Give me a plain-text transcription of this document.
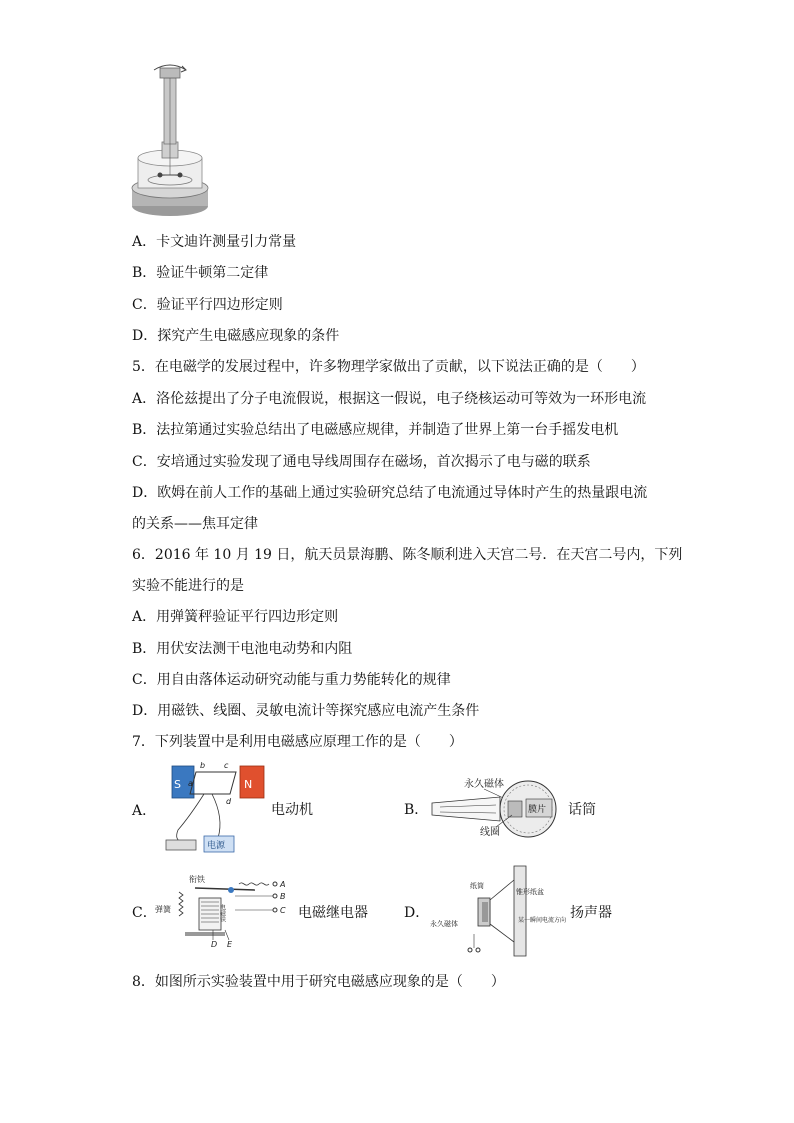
A．卡文迪许测量引力常量
B．验证牛顿第二定律
C．验证平行四边形定则
D．探究产生电磁感应现象的条件
5．在电磁学的发展过程中，许多物理学家做出了贡献，以下说法正确的是（　　）
A．洛伦兹提出了分子电流假说，根据这一假说，电子绕核运动可等效为一环形电流
B．法拉第通过实验总结出了电磁感应规律，并制造了世界上第一台手摇发电机
C．安培通过实验发现了通电导线周围存在磁场，首次揭示了电与磁的联系
D．欧姆在前人工作的基础上通过实验研究总结了电流通过导体时产生的热量跟电流
的关系——焦耳定律
6．2016 年 10 月 19 日，航天员景海鹏、陈冬顺利进入天宫二号．在天宫二号内，下列
实验不能进行的是
A．用弹簧秤验证平行四边形定则
B．用伏安法测干电池电动势和内阻
C．用自由落体运动研究动能与重力势能转化的规律
D．用磁铁、线圈、灵敏电流计等探究感应电流产生条件
7．下列装置中是利用电磁感应原理工作的是（　　）
A．
S	N
a
b c
d
电源
电动机	B．
永久磁体
膜片
线圈
话筒
C．
衔铁
弹簧	电磁铁
A
B
C
D E
电磁继电器	D．
纸筒
锥形纸盆
永久磁体	某一瞬间电流方向 扬声器
8．如图所示实验装置中用于研究电磁感应现象的是（　　）
